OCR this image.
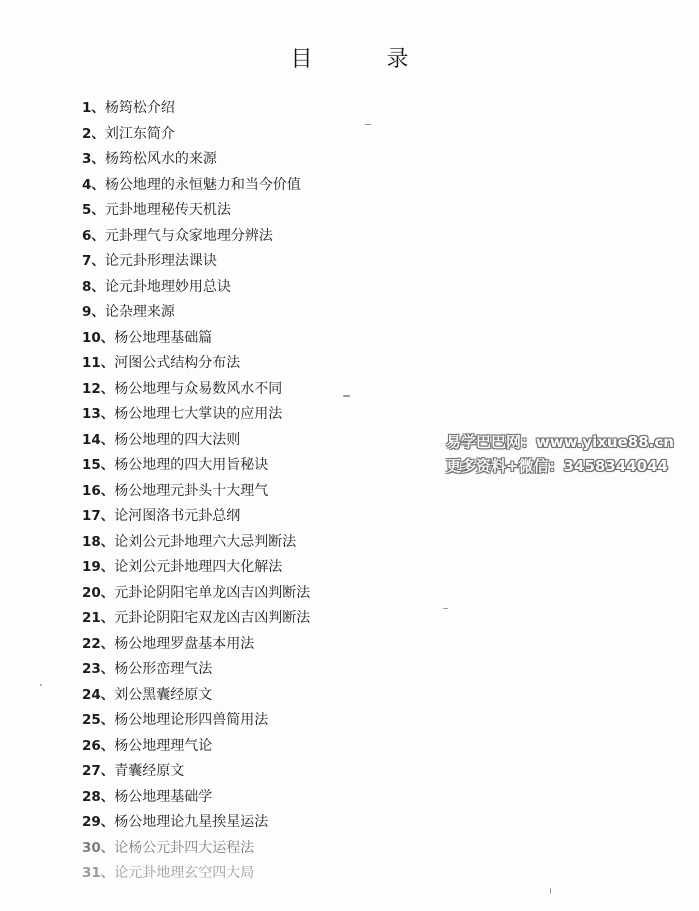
目　录
1、杨筠松介绍
2、刘江东简介
3、杨筠松风水的来源
4、杨公地理的永恒魅力和当今价值
5、元卦地理秘传天机法
6、元卦理气与众家地理分辨法
7、论元卦形理法课诀
8、论元卦地理妙用总诀
9、论杂理来源
10、杨公地理基础篇
11、河图公式结构分布法
12、杨公地理与众易数风水不同
13、杨公地理七大掌诀的应用法
14、杨公地理的四大法则
15、杨公地理的四大用旨秘诀
16、杨公地理元卦头十大理气
17、论河图洛书元卦总纲
18、论刘公元卦地理六大忌判断法
19、论刘公元卦地理四大化解法
20、元卦论阴阳宅单龙凶吉凶判断法
21、元卦论阴阳宅双龙凶吉凶判断法
22、杨公地理罗盘基本用法
23、杨公形峦理气法
24、刘公黑囊经原文
25、杨公地理论形四兽简用法
26、杨公地理理气论
27、青囊经原文
28、杨公地理基础学
29、杨公地理论九星挨星运法
30、论杨公元卦四大运程法
31、论元卦地理玄空四大局
易学巴巴网：www.yixue88.cn
更多资料+微信：3458344044
